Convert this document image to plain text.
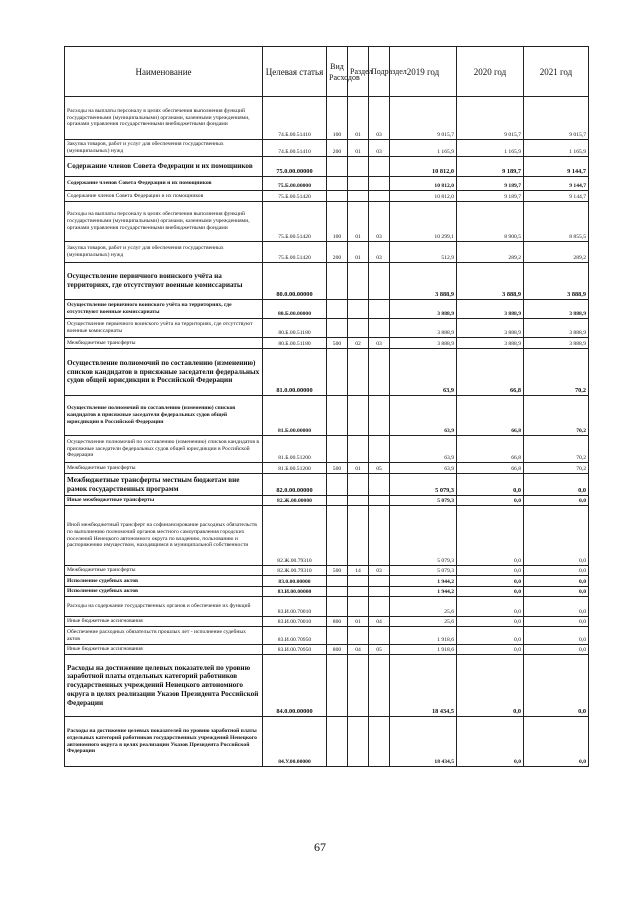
Наименование	Целевая статья	Вид Расходов	Раздел	Подраздел	2019 год	2020 год	2021 год
Расходы на выплаты персоналу в целях обеспечения выполнения функций государственными (муниципальными) органами, казенными учреждениями, органами управления государственными внебюджетными фондами	74.Б.00.51410	100	01	03	9 015,7	9 015,7	9 015,7
Закупка товаров, работ и услуг для обеспечения государственных (муниципальных) нужд	74.Б.00.51410	200	01	03	1 165,9	1 165,9	1 165,9
Содержание членов Совета Федерации и их помощников	75.0.00.00000				10 812,0	9 189,7	9 144,7
Содержание членов Совета Федерации и их помощников	75.Б.00.00000				10 812,0	9 189,7	9 144,7
Содержание членов Совета Федерации и их помощников	75.Б.00.51420				10 812,0	9 189,7	9 144,7
Расходы на выплаты персоналу в целях обеспечения выполнения функций государственными (муниципальными) органами, казенными учреждениями, органами управления государственными внебюджетными фондами	75.Б.00.51420	100	01	03	10 299,1	8 900,5	8 855,5
Закупка товаров, работ и услуг для обеспечения государственных (муниципальных) нужд	75.Б.00.51420	200	01	03	512,9	289,2	289,2
Осуществление первичного воинского учёта на территориях, где отсутствуют военные комиссариаты	80.0.00.00000				3 888,9	3 888,9	3 888,9
Осуществление первичного воинского учёта на территориях, где отсутствуют военные комиссариаты	80.Б.00.00000				3 888,9	3 888,9	3 888,9
Осуществление первичного воинского учёта на территориях, где отсутствуют военные комиссариаты	80.Б.00.51180				3 888,9	3 888,9	3 888,9
Межбюджетные трансферты	80.Б.00.51180	500	02	03	3 888,9	3 888,9	3 888,9
Осуществление полномочий по составлению (изменению) списков кандидатов в присяжные заседатели федеральных судов общей юрисдикции в Российской Федерации	81.0.00.00000				63,9	66,8	70,2
Осуществление полномочий по составлению (изменению) списков кандидатов в присяжные заседатели федеральных судов общей юрисдикции в Российской Федерации	81.Б.00.00000				63,9	66,8	70,2
Осуществление полномочий по составлению (изменению) списков кандидатов в присяжные заседатели федеральных судов общей юрисдикции в Российской Федерации	81.Б.00.51200				63,9	66,8	70,2
Межбюджетные трансферты	81.Б.00.51200	500	01	05	63,9	66,8	70,2
Межбюджетные трансферты местным бюджетам вне рамок государственных программ	82.0.00.00000				5 079,3	0,0	0,0
Иные межбюджетные трансферты	82.Ж.00.00000				5 079,3	0,0	0,0
Иной межбюджетный трансферт на софинансирование расходных обязательств по выполнению полномочий органов местного самоуправления городских поселений Ненецкого автономного округа по владению, пользованию и распоряжению имуществом, находящимся в муниципальной собственности	82.Ж.00.79310				5 079,3	0,0	0,0
Межбюджетные трансферты	82.Ж.00.79310	500	14	03	5 079,3	0,0	0,0
Исполнение судебных актов	83.0.00.00000				1 944,2	0,0	0,0
Исполнение судебных актов	83.И.00.00000				1 944,2	0,0	0,0
Расходы на содержание государственных органов и обеспечение их функций	83.И.00.70010				25,6	0,0	0,0
Иные бюджетные ассигнования	83.И.00.70010	800	01	04	25,6	0,0	0,0
Обеспечение расходных обязательств прошлых лет - исполнение судебных актов	83.И.00.70950				1 918,6	0,0	0,0
Иные бюджетные ассигнования	83.И.00.70950	800	04	05	1 918,6	0,0	0,0
Расходы на достижение целевых показателей по уровню заработной платы отдельных категорий работников государственных учреждений Ненецкого автономного округа в целях реализации Указов Президента Российской Федерации	84.0.00.00000				18 434,5	0,0	0,0
Расходы на достижение целевых показателей по уровню заработной платы отдельных категорий работников государственных учреждений Ненецкого автономного округа в целях реализации Указов Президента Российской Федерации	84.У.00.00000				18 434,5	0,0	0,0
67
